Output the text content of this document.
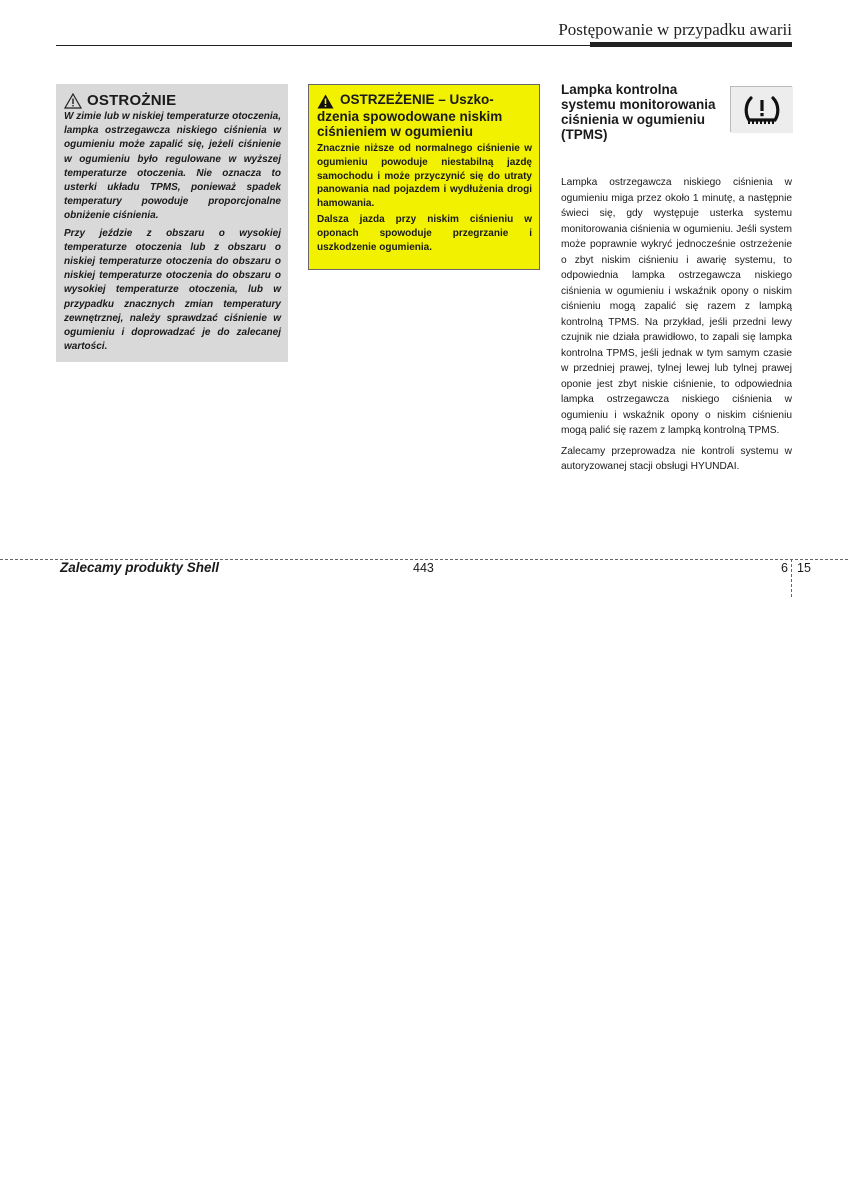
Postępowanie w przypadku awarii
OSTROŻNIE

W zimie lub w niskiej temperaturze otoczenia, lampka ostrzegawcza niskiego ciśnienia w ogumieniu może zapalić się, jeżeli ciśnienie w ogumieniu było regulowane w wyższej temperaturze otoczenia. Nie oznacza to usterki układu TPMS, ponieważ spadek temperatury powoduje proporcjonalne obniżenie ciśnienia.

Przy jeździe z obszaru o wysokiej temperaturze otoczenia lub z obszaru o niskiej temperaturze otoczenia do obszaru o niskiej temperaturze otoczenia do obszaru o wysokiej temperaturze otoczenia, lub w przypadku znacznych zmian temperatury zewnętrznej, należy sprawdzać ciśnienie w ogumieniu i doprowadzać je do zalecanej wartości.

OSTRZEŻENIE – Uszko-
dzenia spowodowane niskim ciśnieniem w ogumieniu

Znacznie niższe od normalnego ciśnienie w ogumieniu powoduje niestabilną jazdę samochodu i może przyczynić się do utraty panowania nad pojazdem i wydłużenia drogi hamowania.

Dalsza jazda przy niskim ciśnieniu w oponach spowoduje przegrzanie i uszkodzenie ogumienia.

Lampka kontrolna systemu monitorowania ciśnienia w ogumieniu (TPMS)

Lampka ostrzegawcza niskiego ciśnienia w ogumieniu miga przez około 1 minutę, a następnie świeci się, gdy występuje usterka systemu monitorowania ciśnienia w ogumieniu. Jeśli system może poprawnie wykryć jednocześnie ostrzeżenie o zbyt niskim ciśnieniu i awarię systemu, to odpowiednia lampka ostrzegawcza niskiego ciśnienia w ogumieniu i wskaźnik opony o niskim ciśnieniu mogą zapalić się razem z lampką kontrolną TPMS. Na przykład, jeśli przedni lewy czujnik nie działa prawidłowo, to zapali się lampka kontrolna TPMS, jeśli jednak w tym samym czasie w przedniej prawej, tylnej lewej lub tylnej prawej oponie jest zbyt niskie ciśnienie, to odpowiednia lampka ostrzegawcza niskiego ciśnienia w ogumieniu i wskaźnik opony o niskim ciśnieniu mogą palić się razem z lampką kontrolną TPMS.

Zalecamy przeprowadza nie kontroli systemu w autoryzowanej stacji obsługi HYUNDAI.

Zalecamy produkty Shell	443	6 15
